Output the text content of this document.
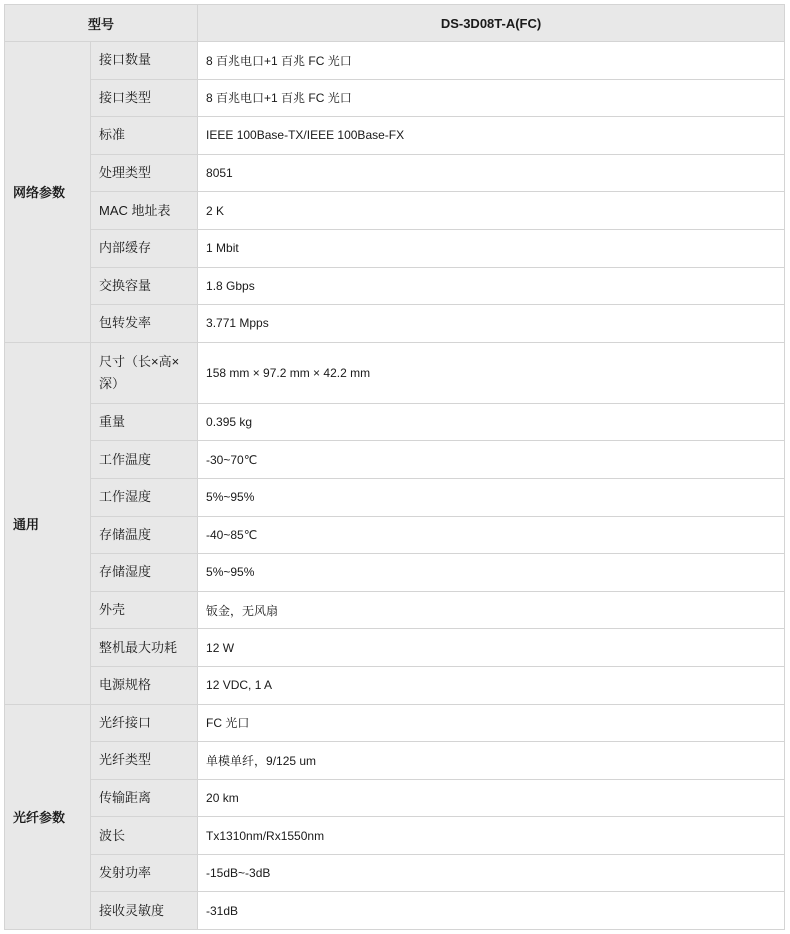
型号		DS-3D08T-A(FC)
网络参数	接口数量	8 百兆电口+1 百兆 FC 光口
	接口类型	8 百兆电口+1 百兆 FC 光口
	标准	IEEE 100Base-TX/IEEE 100Base-FX
	处理类型	8051
	MAC 地址表	2 K
	内部缓存	1 Mbit
	交换容量	1.8 Gbps
	包转发率	3.771 Mpps
通用	尺寸（长×高×深）	158 mm × 97.2 mm × 42.2 mm
	重量	0.395 kg
	工作温度	-30~70℃
	工作湿度	5%~95%
	存储温度	-40~85℃
	存储湿度	5%~95%
	外壳	钣金，无风扇
	整机最大功耗	12 W
	电源规格	12 VDC, 1 A
光纤参数	光纤接口	FC 光口
	光纤类型	单模单纤，9/125 um
	传输距离	20 km
	波长	Tx1310nm/Rx1550nm
	发射功率	-15dB~-3dB
	接收灵敏度	-31dB
